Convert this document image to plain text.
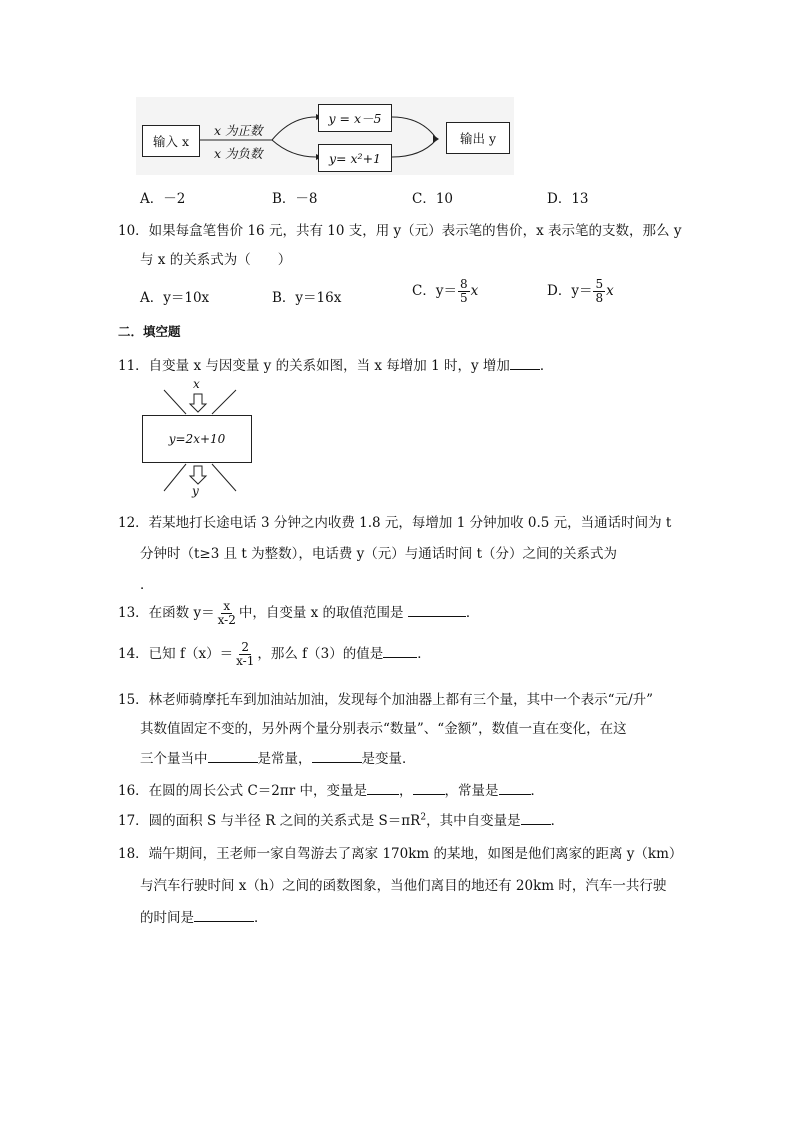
输入 x
x 为正数
x 为负数
y = x－5
y= x²+1
输出 y
A．－2	B．－8	C．10	D．13
10．如果每盒笔售价 16 元，共有 10 支，用 y（元）表示笔的售价，x 表示笔的支数，那么 y
与 x 的关系式为（　　）
A．y＝10x	B．y＝16x	C．$y= \frac{8}{5}$ x	D．$y= \frac{5}{8}$ x
二．填空题
11．自变量 x 与因变量 y 的关系如图，当 x 每增加 1 时，y 增加 ．
x
y=2x+10
y
12．若某地打长途电话 3 分钟之内收费 1.8 元，每增加 1 分钟加收 0.5 元，当通话时间为 t
分钟时（t≥3 且 t 为整数），电话费 y（元）与通话时间 t（分）之间的关系式为
．
13．在函数 $y= \frac{x}{x-2}$ 中，自变量 x 的取值范围是	．
14．已知 $f(x)= \frac{2}{x-1}$ ，那么 f（3）的值是	．
15．林老师骑摩托车到加油站加油，发现每个加油器上都有三个量，其中一个表示“元/升”
其数值固定不变的，另外两个量分别表示“数量”、“金额”，数值一直在变化，在这
三个量当中	是常量，	是变量．
16．在圆的周长公式 C＝2πr 中，变量是 ， ，常量是 ．
17．圆的面积 S 与半径 R 之间的关系式是 $S=\pi R^2$，其中自变量是 ．
18．端午期间，王老师一家自驾游去了离家 170km 的某地，如图是他们离家的距离 y（km）
与汽车行驶时间 x（h）之间的函数图象，当他们离目的地还有 20km 时，汽车一共行驶
的时间是	．
